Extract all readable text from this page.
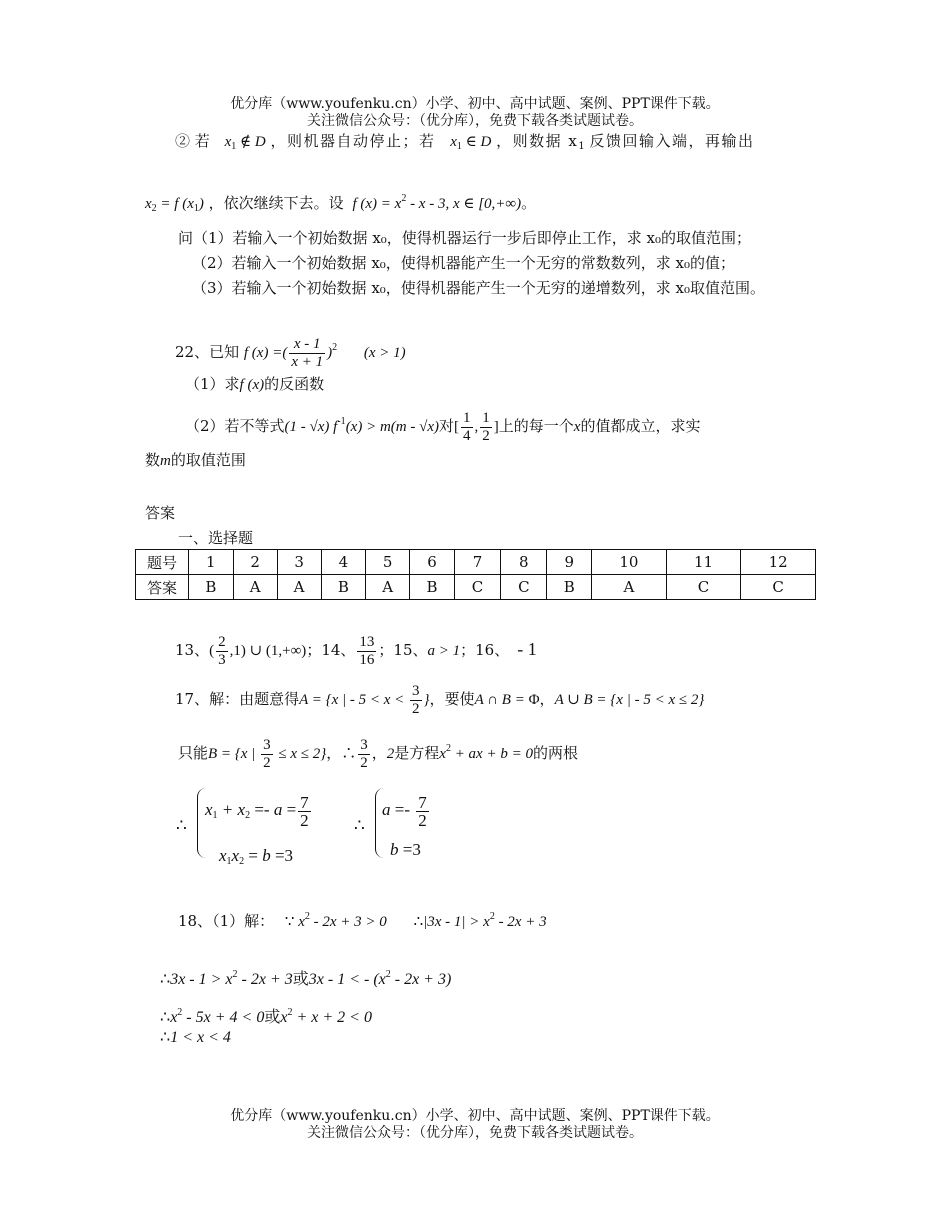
优分库（www.youfenku.cn）小学、初中、高中试题、案例、PPT课件下载。
关注微信公众号：（优分库），免费下载各类试题试卷。
② 若 $x_1$ ∉ D ，则机器自动停止；若 $x_1$ ∈ D ，则数据 $x_1$ 反馈回输入端，再输出
$x_2 = f$ $(x_1)$ ，依次继续下去。设 f $(x) = x^2 - x - 3$, x ∈ [0,+∞)。
问（1）若输入一个初始数据 x₀，使得机器运行一步后即停止工作，求 x₀的取值范围；
（2）若输入一个初始数据 x₀，使得机器能产生一个无穷的常数数列，求 x₀的值；
（3）若输入一个初始数据 x₀，使得机器能产生一个无穷的递增数列，求 x₀取值范围。
22、已知 f (x) =( $\frac{x - 1}{x + 1} )^2$ (x > 1)
（1）求f (x)的反函数
（2）若不等式(1 - √x) $f^{-1}(x) > m(m - √x)$对[ $\frac{1}{4}$ , $\frac{1}{2}$ ]上的每一个x的值都成立，求实
数m的取值范围
答案
一、选择题
题号	1	2	3	4	5	6	7	8	9	10	11	12
答案	B	A	A	B	A	B	C	C	B	A	C	C
13、( $\frac{2}{3} ,1$) ∪ (1,+∞)；14、 $\frac{13}{16}$ ；15、a > 1；16、 - 1
17、解：由题意得A = {x | - $5 < x < \frac{3}{2}$ }，要使A ∩ B = Φ，A ∪ B = {x | - 5 < x ≤ 2}
只能B = {x | $\frac{3}{2} \le x \le 2$}，∴ $\frac{3}{2}$ ，2是方程$x^2$ + ax + b = 0的两根
∴
$x_1 + x_2 =- a = \frac{7}{2}$
$x_1x_2 = b =3$
∴
$a =- \frac{7}{2}$
b =3
18、（1）解： ∵ $x^2 - 2x + 3 > 0$ ∴|3x - $1| > x^2 - 2x + 3$
∴3x - $1 > x^2 - 2x + 3$或3x - 1 < - $(x^2 - 2x + 3)$
$\therefore x^2 - 5x + 4 < 0$或$x^2 + x + 2 < 0$
∴1 < x < 4
优分库（www.youfenku.cn）小学、初中、高中试题、案例、PPT课件下载。
关注微信公众号：（优分库），免费下载各类试题试卷。
